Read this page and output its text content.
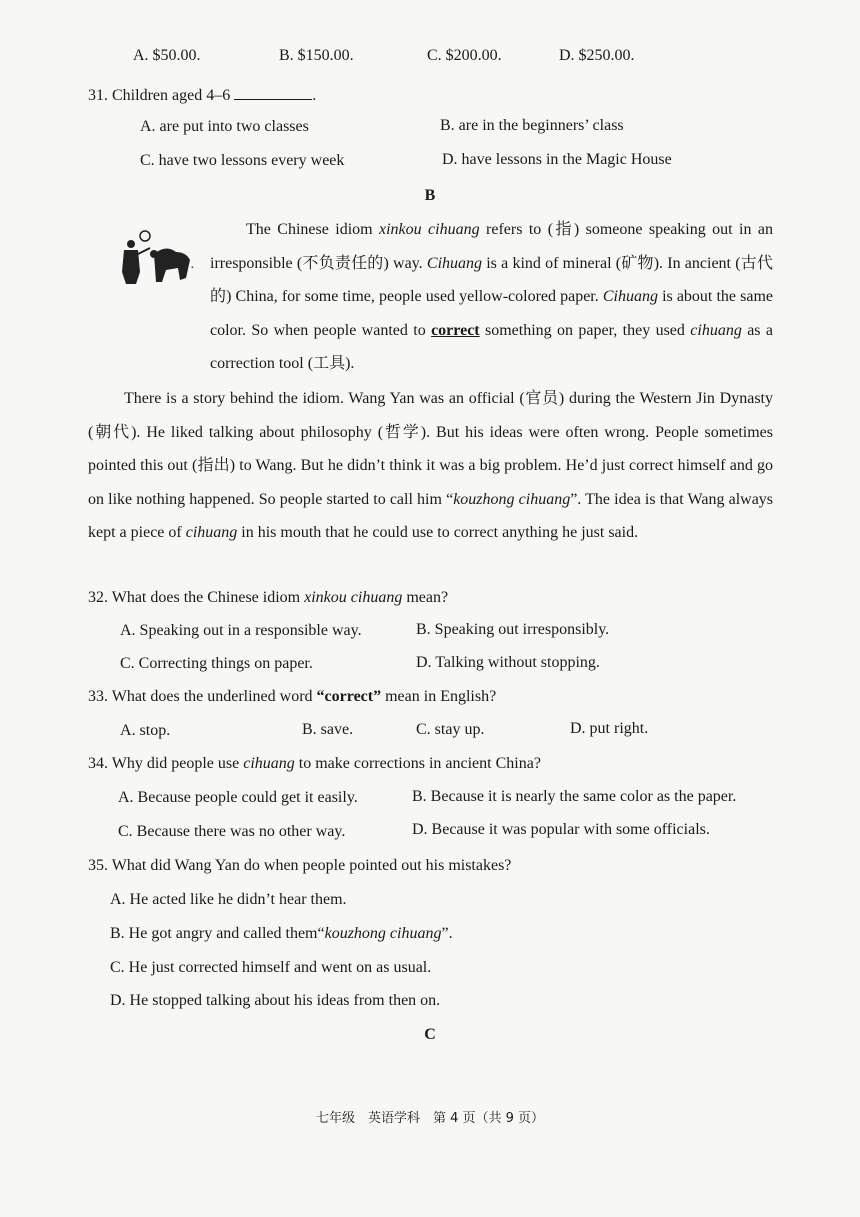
A. $50.00.	B. $150.00.	C. $200.00.	D. $250.00.
31. Children aged 4–6	.
A. are put into two classes	B. are in the beginners’ class
C. have two lessons every week	D. have lessons in the Magic House
B
·

The Chinese idiom xinkou cihuang refers to (指) someone speaking out in an irresponsible (不负责任的) way. Cihuang is a kind of mineral (矿物). In ancient (古代的) China, for some time, people used yellow-colored paper. Cihuang is about the same color. So when people wanted to correct something on paper, they used cihuang as a correction tool (工具).

There is a story behind the idiom. Wang Yan was an official (官员) during the Western Jin Dynasty (朝代). He liked talking about philosophy (哲学). But his ideas were often wrong. People sometimes pointed this out (指出) to Wang. But he didn’t think it was a big problem. He’d just correct himself and go on like nothing happened. So people started to call him “kouzhong cihuang”. The idea is that Wang always kept a piece of cihuang in his mouth that he could use to correct anything he just said.

32. What does the Chinese idiom xinkou cihuang mean?
A. Speaking out in a responsible way.	B. Speaking out irresponsibly.
C. Correcting things on paper.	D. Talking without stopping.
33. What does the underlined word “correct” mean in English?
A. stop.	B. save.	C. stay up.	D. put right.
34. Why did people use cihuang to make corrections in ancient China?
A. Because people could get it easily.	B. Because it is nearly the same color as the paper.
C. Because there was no other way.	D. Because it was popular with some officials.
35. What did Wang Yan do when people pointed out his mistakes?
A. He acted like he didn’t hear them.
B. He got angry and called them“kouzhong cihuang”.
C. He just corrected himself and went on as usual.
D. He stopped talking about his ideas from then on.
C
七年级　英语学科　第 4 页（共 9 页）
